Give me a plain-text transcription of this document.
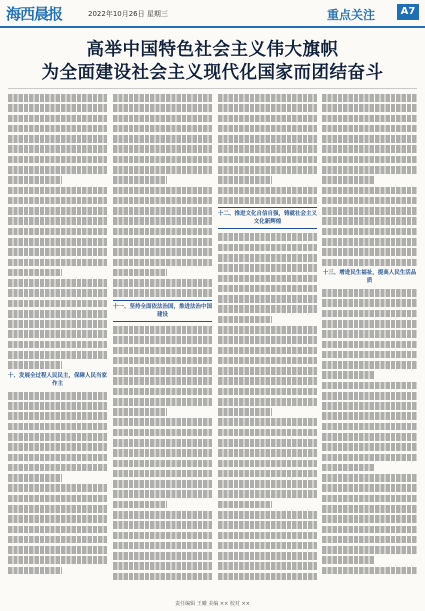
海西晨报	2022年10月26日 星期三	重点关注	A7
高举中国特色社会主义伟大旗帜
为全面建设社会主义现代化国家而团结奋斗
十、发展全过程人民民主，保障人民当家作主
十一、坚持全面依法治国，推进法治中国建设
十二、推进文化自信自强，铸就社会主义文化新辉煌
十三、增进民生福祉，提高人民生活品质
责任编辑 王曦 美编 ×× 校对 ××
